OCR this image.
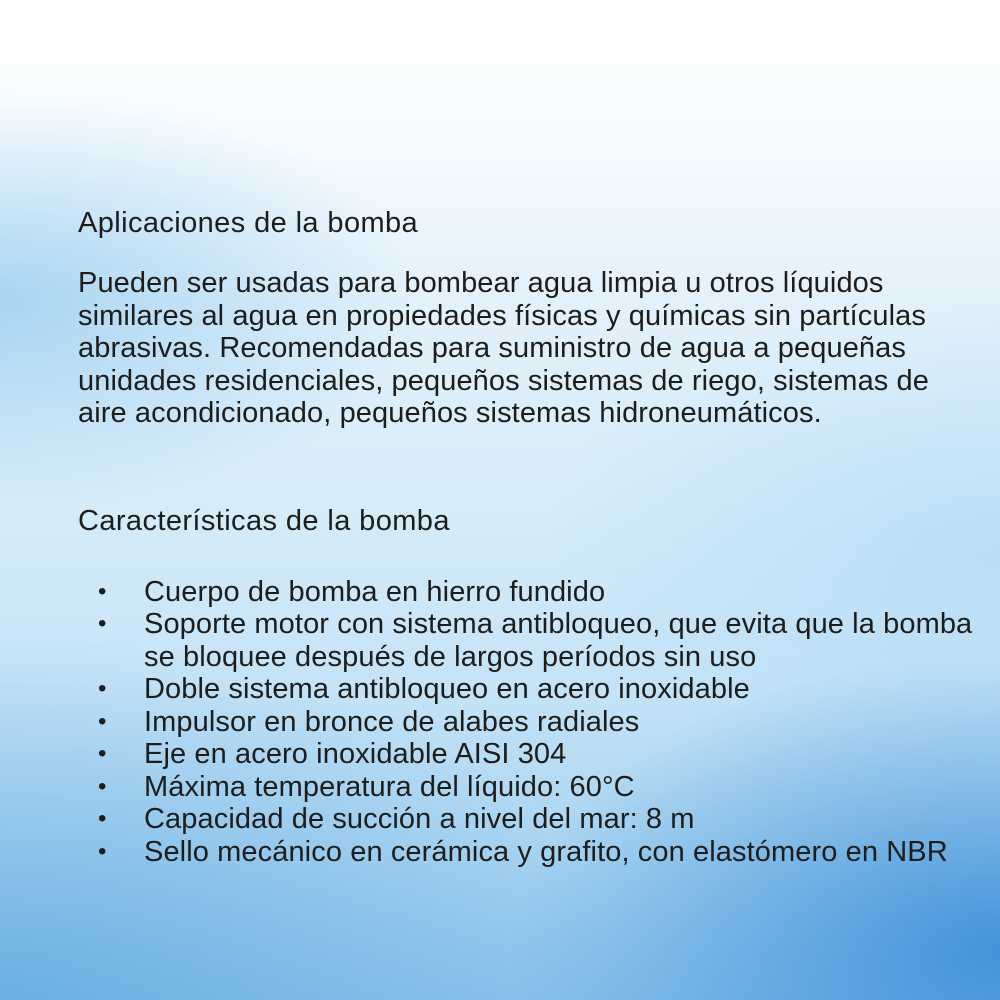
Aplicaciones de la bomba

Pueden ser usadas para bombear agua limpia u otros líquidos similares al agua en propiedades físicas y químicas sin partículas abrasivas. Recomendadas para suministro de agua a pequeñas unidades residenciales, pequeños sistemas de riego, sistemas de aire acondicionado, pequeños sistemas hidroneumáticos.

Características de la bomba
• Cuerpo de bomba en hierro fundido
• Soporte motor con sistema antibloqueo, que evita que la bomba se bloquee después de largos períodos sin uso
• Doble sistema antibloqueo en acero inoxidable
• Impulsor en bronce de alabes radiales
• Eje en acero inoxidable AISI 304
• Máxima temperatura del líquido: 60°C
• Capacidad de succión a nivel del mar: 8 m
• Sello mecánico en cerámica y grafito, con elastómero en NBR
